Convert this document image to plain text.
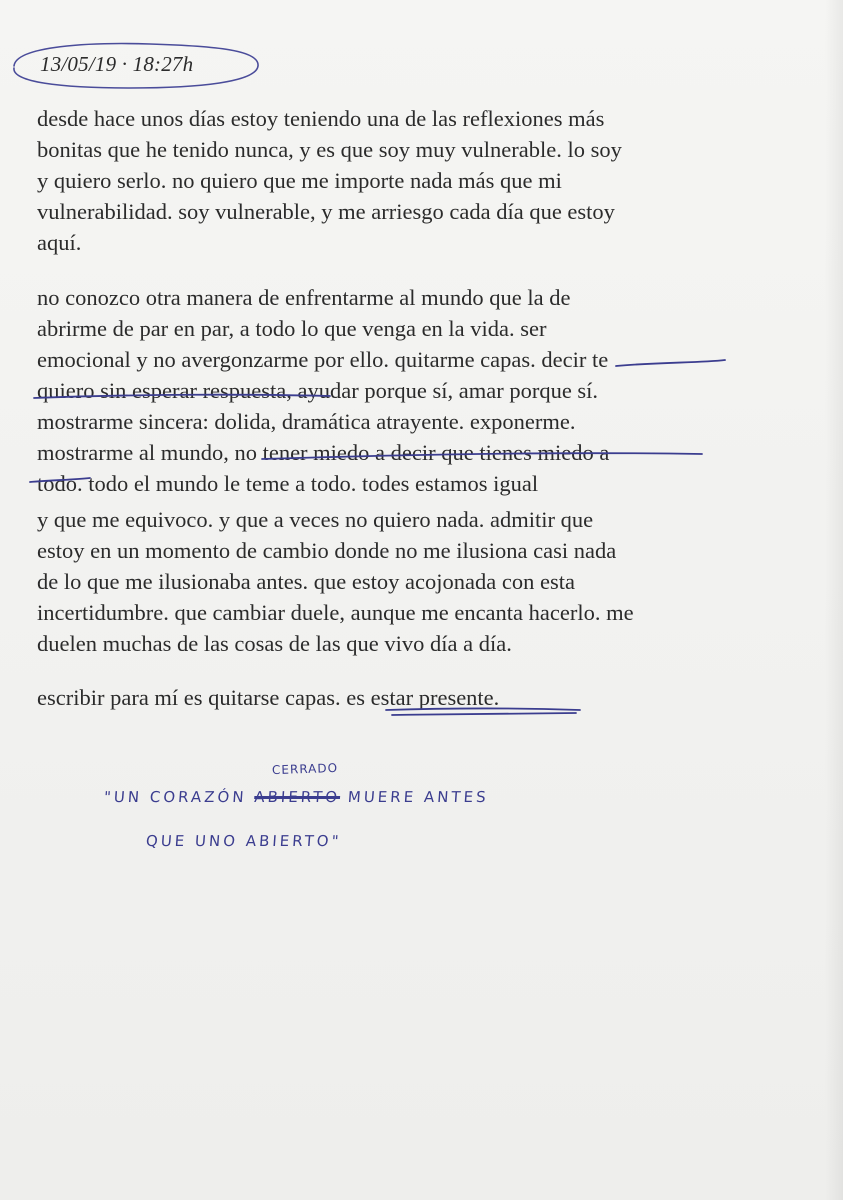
13/05/19 · 18:27h
desde hace unos días estoy teniendo una de las reflexiones más
bonitas que he tenido nunca, y es que soy muy vulnerable. lo soy
y quiero serlo. no quiero que me importe nada más que mi
vulnerabilidad. soy vulnerable, y me arriesgo cada día que estoy
aquí.
no conozco otra manera de enfrentarme al mundo que la de
abrirme de par en par, a todo lo que venga en la vida. ser
emocional y no avergonzarme por ello. quitarme capas. decir te
quiero sin esperar respuesta, ayudar porque sí, amar porque sí.
mostrarme sincera: dolida, dramática atrayente. exponerme.
mostrarme al mundo, no tener miedo a decir que tienes miedo a
todo. todo el mundo le teme a todo. todes estamos igual
y que me equivoco. y que a veces no quiero nada. admitir que
estoy en un momento de cambio donde no me ilusiona casi nada
de lo que me ilusionaba antes. que estoy acojonada con esta
incertidumbre. que cambiar duele, aunque me encanta hacerlo. me
duelen muchas de las cosas de las que vivo día a día.
escribir para mí es quitarse capas. es estar presente.
"UN CORAZÓN ABIERTO MUERE ANTES
CERRADO
QUE UNO ABIERTO"
